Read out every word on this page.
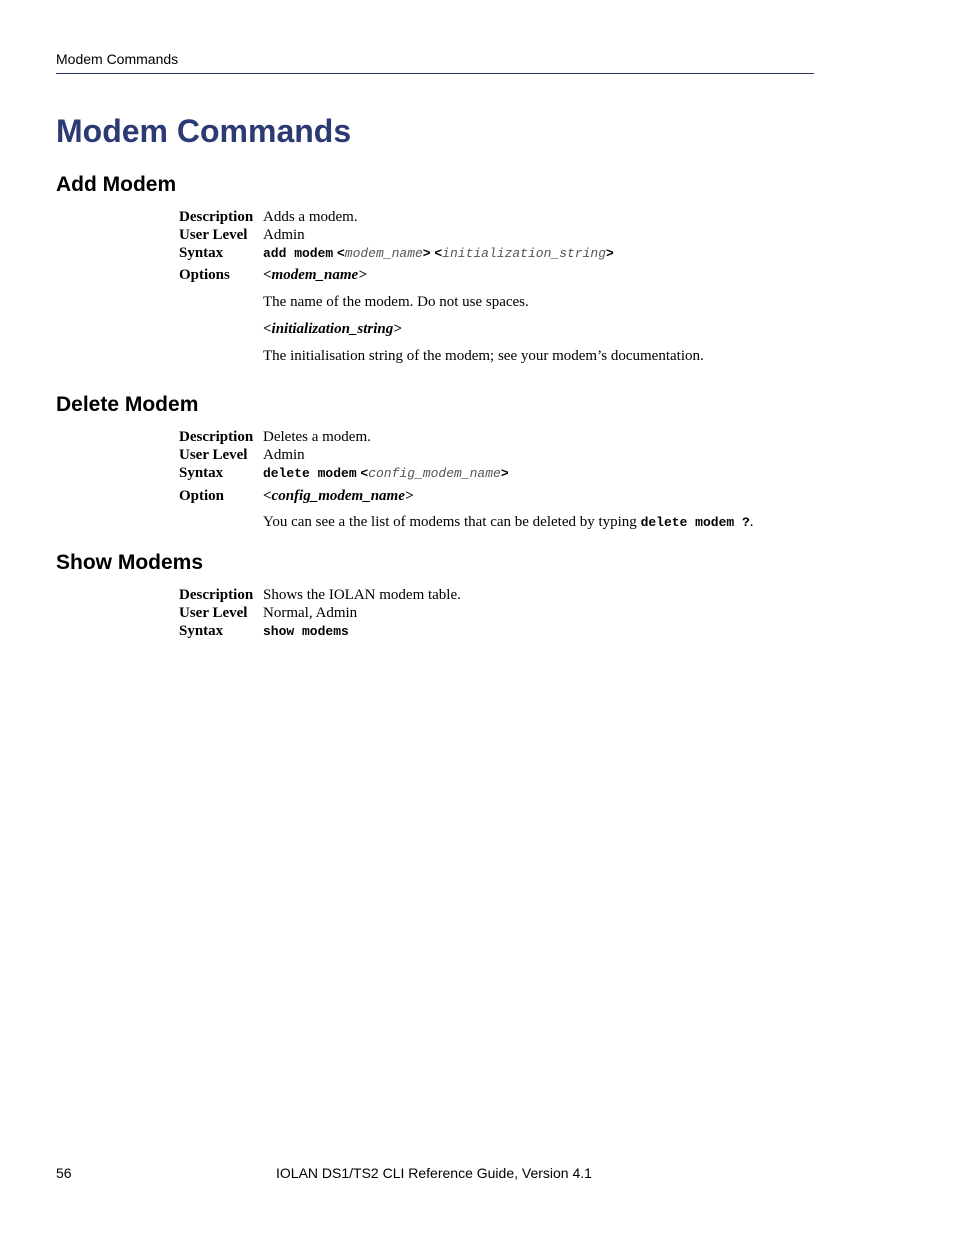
Modem Commands
Modem Commands
Add Modem
Description Adds a modem.
User Level Admin
Syntax	add modem <modem_name> <initialization_string>
Options <modem_name>
The name of the modem. Do not use spaces.
<initialization_string>
The initialisation string of the modem; see your modem’s documentation.
Delete Modem
Description Deletes a modem.
User Level Admin
Syntax	delete modem <config_modem_name>
Option	<config_modem_name>
You can see a the list of modems that can be deleted by typing delete modem ?.
Show Modems
Description Shows the IOLAN modem table.
User Level Normal, Admin
Syntax	show modems
56	IOLAN DS1/TS2 CLI Reference Guide, Version 4.1
